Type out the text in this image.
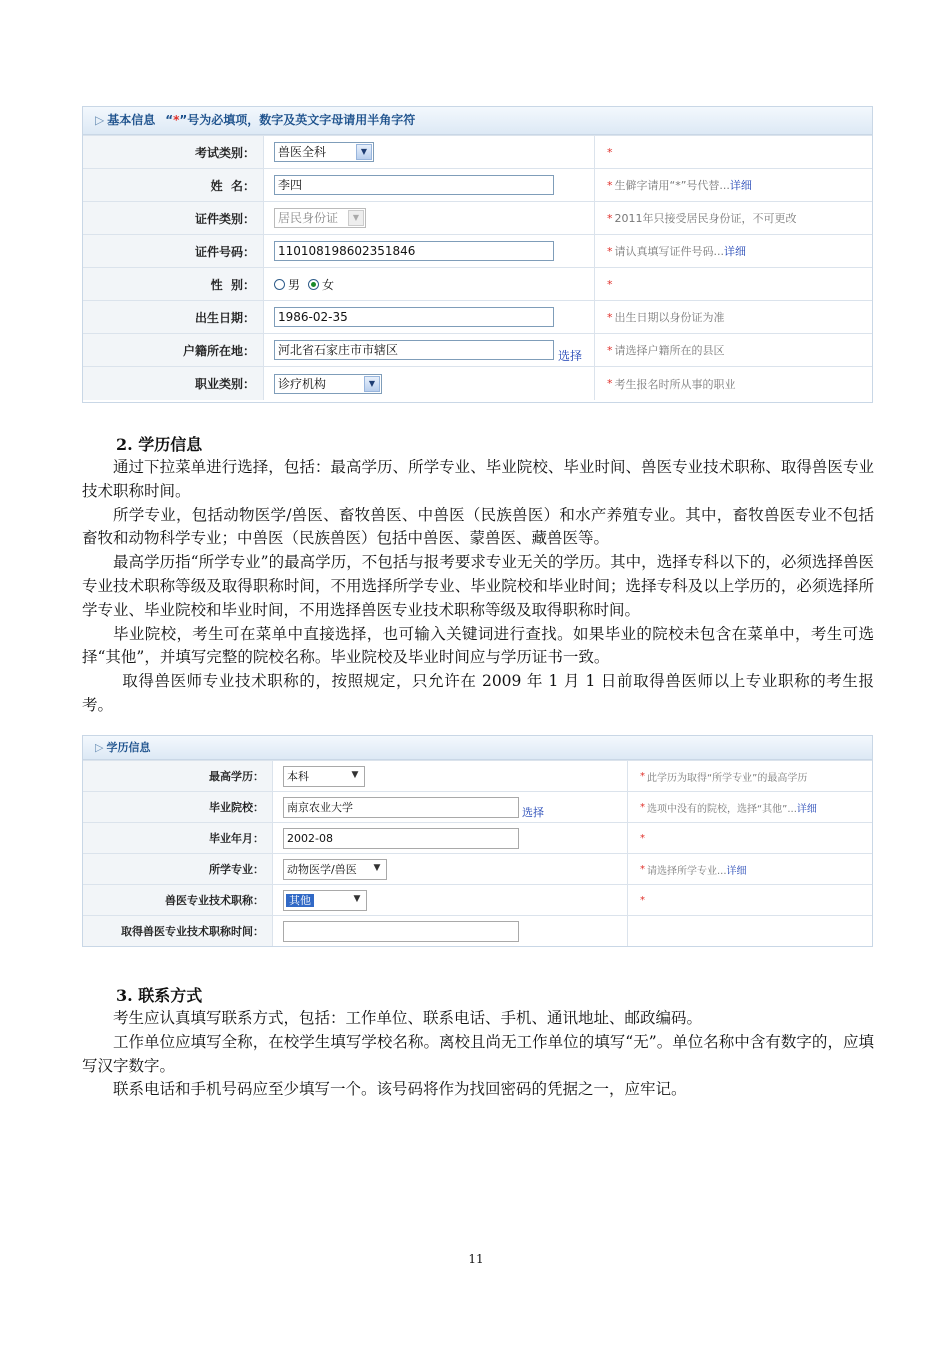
▷ 基本信息 “*”号为必填项，数字及英文字母请用半角字符
考试类别：	兽医全科	▼	*
姓  名：	李四	* 生僻字请用“*”号代替... 详细
证件类别：	居民身份证	▼	* 2011年只接受居民身份证，不可更改
证件号码：	110108198602351846	* 请认真填写证件号码... 详细
性  别：	男 女	*
出生日期：	1986-02-35	* 出生日期以身份证为准
户籍所在地：	河北省石家庄市市辖区	选择 * 请选择户籍所在的县区
职业类别：	诊疗机构	▼	* 考生报名时所从事的职业
2. 学历信息

通过下拉菜单进行选择，包括：最高学历、所学专业、毕业院校、毕业时间、兽医专业技术职称、取得兽医专业技术职称时间。

所学专业，包括动物医学/兽医、畜牧兽医、中兽医（民族兽医）和水产养殖专业。其中，畜牧兽医专业不包括畜牧和动物科学专业；中兽医（民族兽医）包括中兽医、蒙兽医、藏兽医等。

最高学历指“所学专业”的最高学历，不包括与报考要求专业无关的学历。其中，选择专科以下的，必须选择兽医专业技术职称等级及取得职称时间，不用选择所学专业、毕业院校和毕业时间；选择专科及以上学历的，必须选择所学专业、毕业院校和毕业时间，不用选择兽医专业技术职称等级及取得职称时间。

毕业院校，考生可在菜单中直接选择，也可输入关键词进行查找。如果毕业的院校未包含在菜单中，考生可选择“其他”，并填写完整的院校名称。毕业院校及毕业时间应与学历证书一致。

取得兽医师专业技术职称的，按照规定，只允许在 2009 年 1 月 1 日前取得兽医师以上专业职称的考生报考。

▷ 学历信息
最高学历：	本科	▼	* 此学历为取得“所学专业”的最高学历
毕业院校：	南京农业大学	选择	* 选项中没有的院校，选择“其他”... 详细
毕业年月：	2002-08	*
所学专业：	动物医学/兽医	▼	* 请选择所学专业... 详细
兽医专业技术职称：	其他	▼	*
取得兽医专业技术职称时间：
3. 联系方式

考生应认真填写联系方式，包括：工作单位、联系电话、手机、通讯地址、邮政编码。

工作单位应填写全称，在校学生填写学校名称。离校且尚无工作单位的填写“无”。单位名称中含有数字的，应填写汉字数字。

联系电话和手机号码应至少填写一个。该号码将作为找回密码的凭据之一，应牢记。

11
